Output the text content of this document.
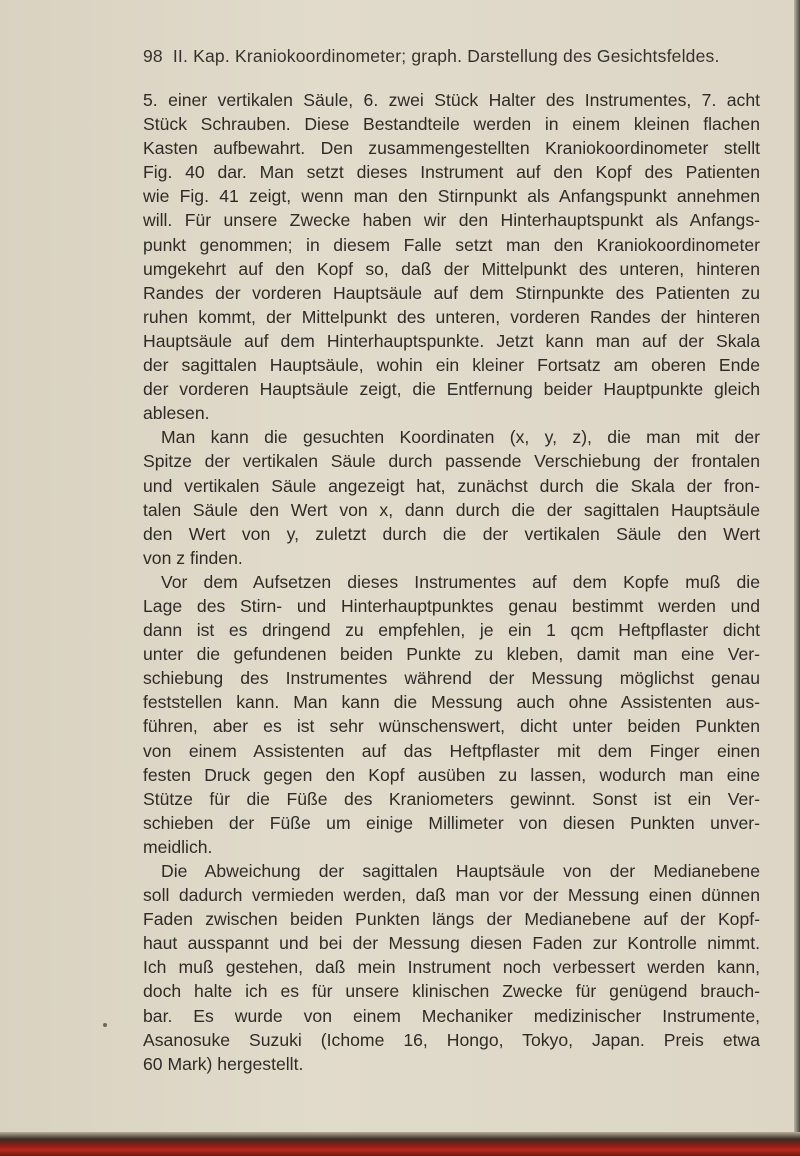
98 II. Kap. Kraniokoordinometer; graph. Darstellung des Gesichtsfeldes.
5. einer vertikalen Säule, 6. zwei Stück Halter des Instrumentes, 7. acht
Stück Schrauben. Diese Bestandteile werden in einem kleinen flachen
Kasten aufbewahrt. Den zusammengestellten Kraniokoordinometer stellt
Fig. 40 dar. Man setzt dieses Instrument auf den Kopf des Patienten
wie Fig. 41 zeigt, wenn man den Stirnpunkt als Anfangspunkt annehmen
will. Für unsere Zwecke haben wir den Hinterhauptspunkt als Anfangs-
punkt genommen; in diesem Falle setzt man den Kraniokoordinometer
umgekehrt auf den Kopf so, daß der Mittelpunkt des unteren, hinteren
Randes der vorderen Hauptsäule auf dem Stirnpunkte des Patienten zu
ruhen kommt, der Mittelpunkt des unteren, vorderen Randes der hinteren
Hauptsäule auf dem Hinterhauptspunkte. Jetzt kann man auf der Skala
der sagittalen Hauptsäule, wohin ein kleiner Fortsatz am oberen Ende
der vorderen Hauptsäule zeigt, die Entfernung beider Hauptpunkte gleich
ablesen.
Man kann die gesuchten Koordinaten (x, y, z), die man mit der
Spitze der vertikalen Säule durch passende Verschiebung der frontalen
und vertikalen Säule angezeigt hat, zunächst durch die Skala der fron-
talen Säule den Wert von x, dann durch die der sagittalen Hauptsäule
den Wert von y, zuletzt durch die der vertikalen Säule den Wert
von z finden.
Vor dem Aufsetzen dieses Instrumentes auf dem Kopfe muß die
Lage des Stirn- und Hinterhauptpunktes genau bestimmt werden und
dann ist es dringend zu empfehlen, je ein 1 qcm Heftpflaster dicht
unter die gefundenen beiden Punkte zu kleben, damit man eine Ver-
schiebung des Instrumentes während der Messung möglichst genau
feststellen kann. Man kann die Messung auch ohne Assistenten aus-
führen, aber es ist sehr wünschenswert, dicht unter beiden Punkten
von einem Assistenten auf das Heftpflaster mit dem Finger einen
festen Druck gegen den Kopf ausüben zu lassen, wodurch man eine
Stütze für die Füße des Kraniometers gewinnt. Sonst ist ein Ver-
schieben der Füße um einige Millimeter von diesen Punkten unver-
meidlich.
Die Abweichung der sagittalen Hauptsäule von der Medianebene
soll dadurch vermieden werden, daß man vor der Messung einen dünnen
Faden zwischen beiden Punkten längs der Medianebene auf der Kopf-
haut ausspannt und bei der Messung diesen Faden zur Kontrolle nimmt.
Ich muß gestehen, daß mein Instrument noch verbessert werden kann,
doch halte ich es für unsere klinischen Zwecke für genügend brauch-
bar. Es wurde von einem Mechaniker medizinischer Instrumente,
Asanosuke Suzuki (Ichome 16, Hongo, Tokyo, Japan. Preis etwa
60 Mark) hergestellt.
